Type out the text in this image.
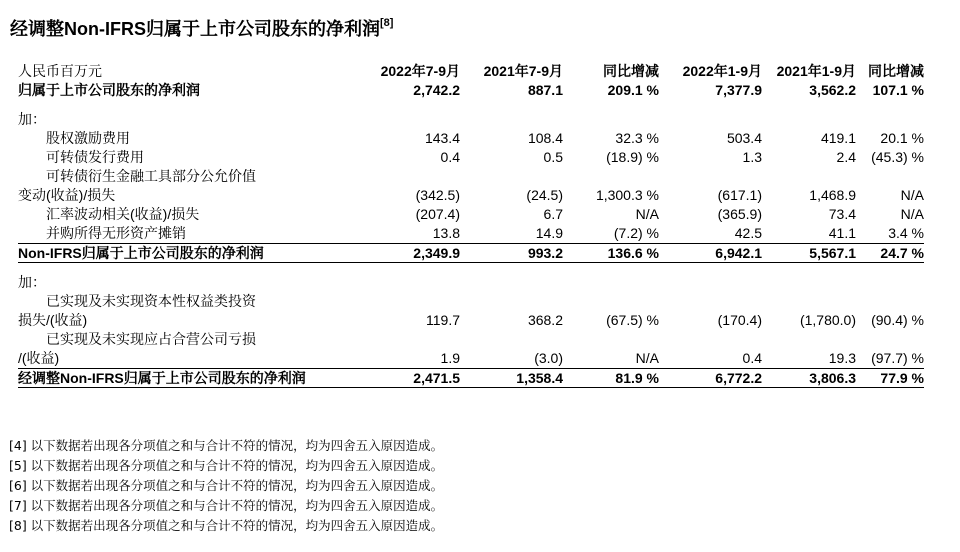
经调整Non-IFRS归属于上市公司股东的净利润[8]
人民币百万元	2022年7-9月	2021年7-9月	同比增减	2022年1-9月	2021年1-9月	同比增减
归属于上市公司股东的净利润	2,742.2	887.1	209.1 %	7,377.9	3,562.2	107.1 %

加：						
股权激励费用	143.4	108.4	32.3 %	503.4	419.1	20.1 %
可转债发行费用	0.4	0.5	(18.9) %	1.3	2.4	(45.3) %
可转债衍生金融工具部分公允价值						
变动(收益)/损失	(342.5)	(24.5)	1,300.3 %	(617.1)	1,468.9	N/A
汇率波动相关(收益)/损失	(207.4)	6.7	N/A	(365.9)	73.4	N/A
并购所得无形资产摊销	13.8	14.9	(7.2) %	42.5	41.1	3.4 %
Non-IFRS归属于上市公司股东的净利润	2,349.9	993.2	136.6 %	6,942.1	5,567.1	24.7 %

加：						
已实现及未实现资本性权益类投资						
损失/(收益)	119.7	368.2	(67.5) %	(170.4)	(1,780.0)	(90.4) %
已实现及未实现应占合营公司亏损						
/(收益)	1.9	(3.0)	N/A	0.4	19.3	(97.7) %
经调整Non-IFRS归属于上市公司股东的净利润	2,471.5	1,358.4	81.9 %	6,772.2	3,806.3	77.9 %
[4] 以下数据若出现各分项值之和与合计不符的情况，均为四舍五入原因造成。
[5] 以下数据若出现各分项值之和与合计不符的情况，均为四舍五入原因造成。
[6] 以下数据若出现各分项值之和与合计不符的情况，均为四舍五入原因造成。
[7] 以下数据若出现各分项值之和与合计不符的情况，均为四舍五入原因造成。
[8] 以下数据若出现各分项值之和与合计不符的情况，均为四舍五入原因造成。
